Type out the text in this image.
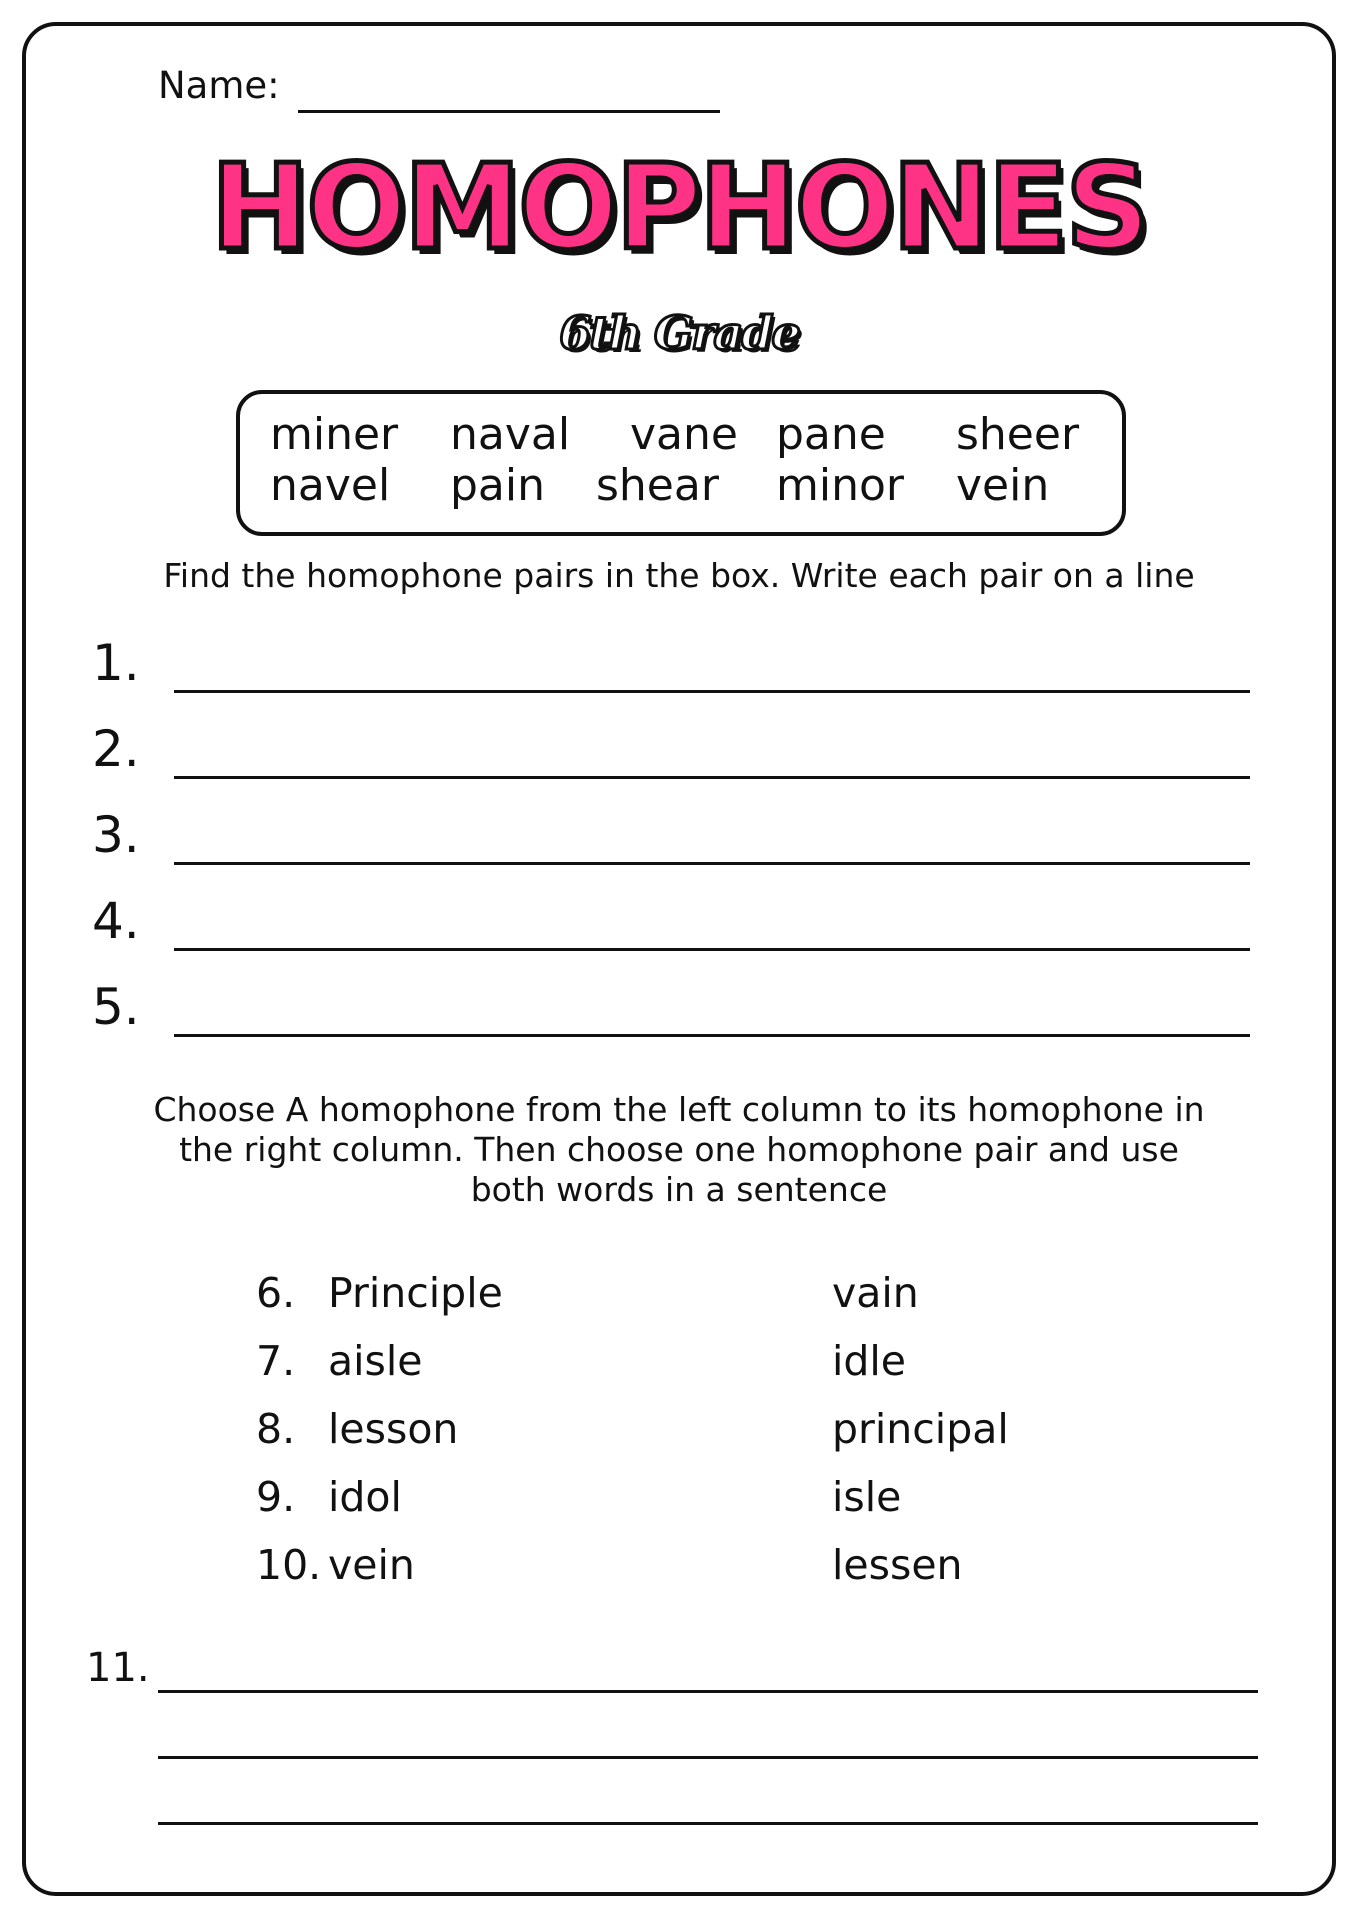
Name:
HOMOPHONES
6th Grade
miner naval vane pane sheer
navel pain shear minor vein
Find the homophone pairs in the box. Write each pair on a line
1.
2.
3.
4.
5.
Choose A homophone from the left column to its homophone in
the right column. Then choose one homophone pair and use
both words in a sentence
6. Principle	vain
7. aisle	idle
8. lesson	principal
9. idol	isle
10. vein	lessen
11.
